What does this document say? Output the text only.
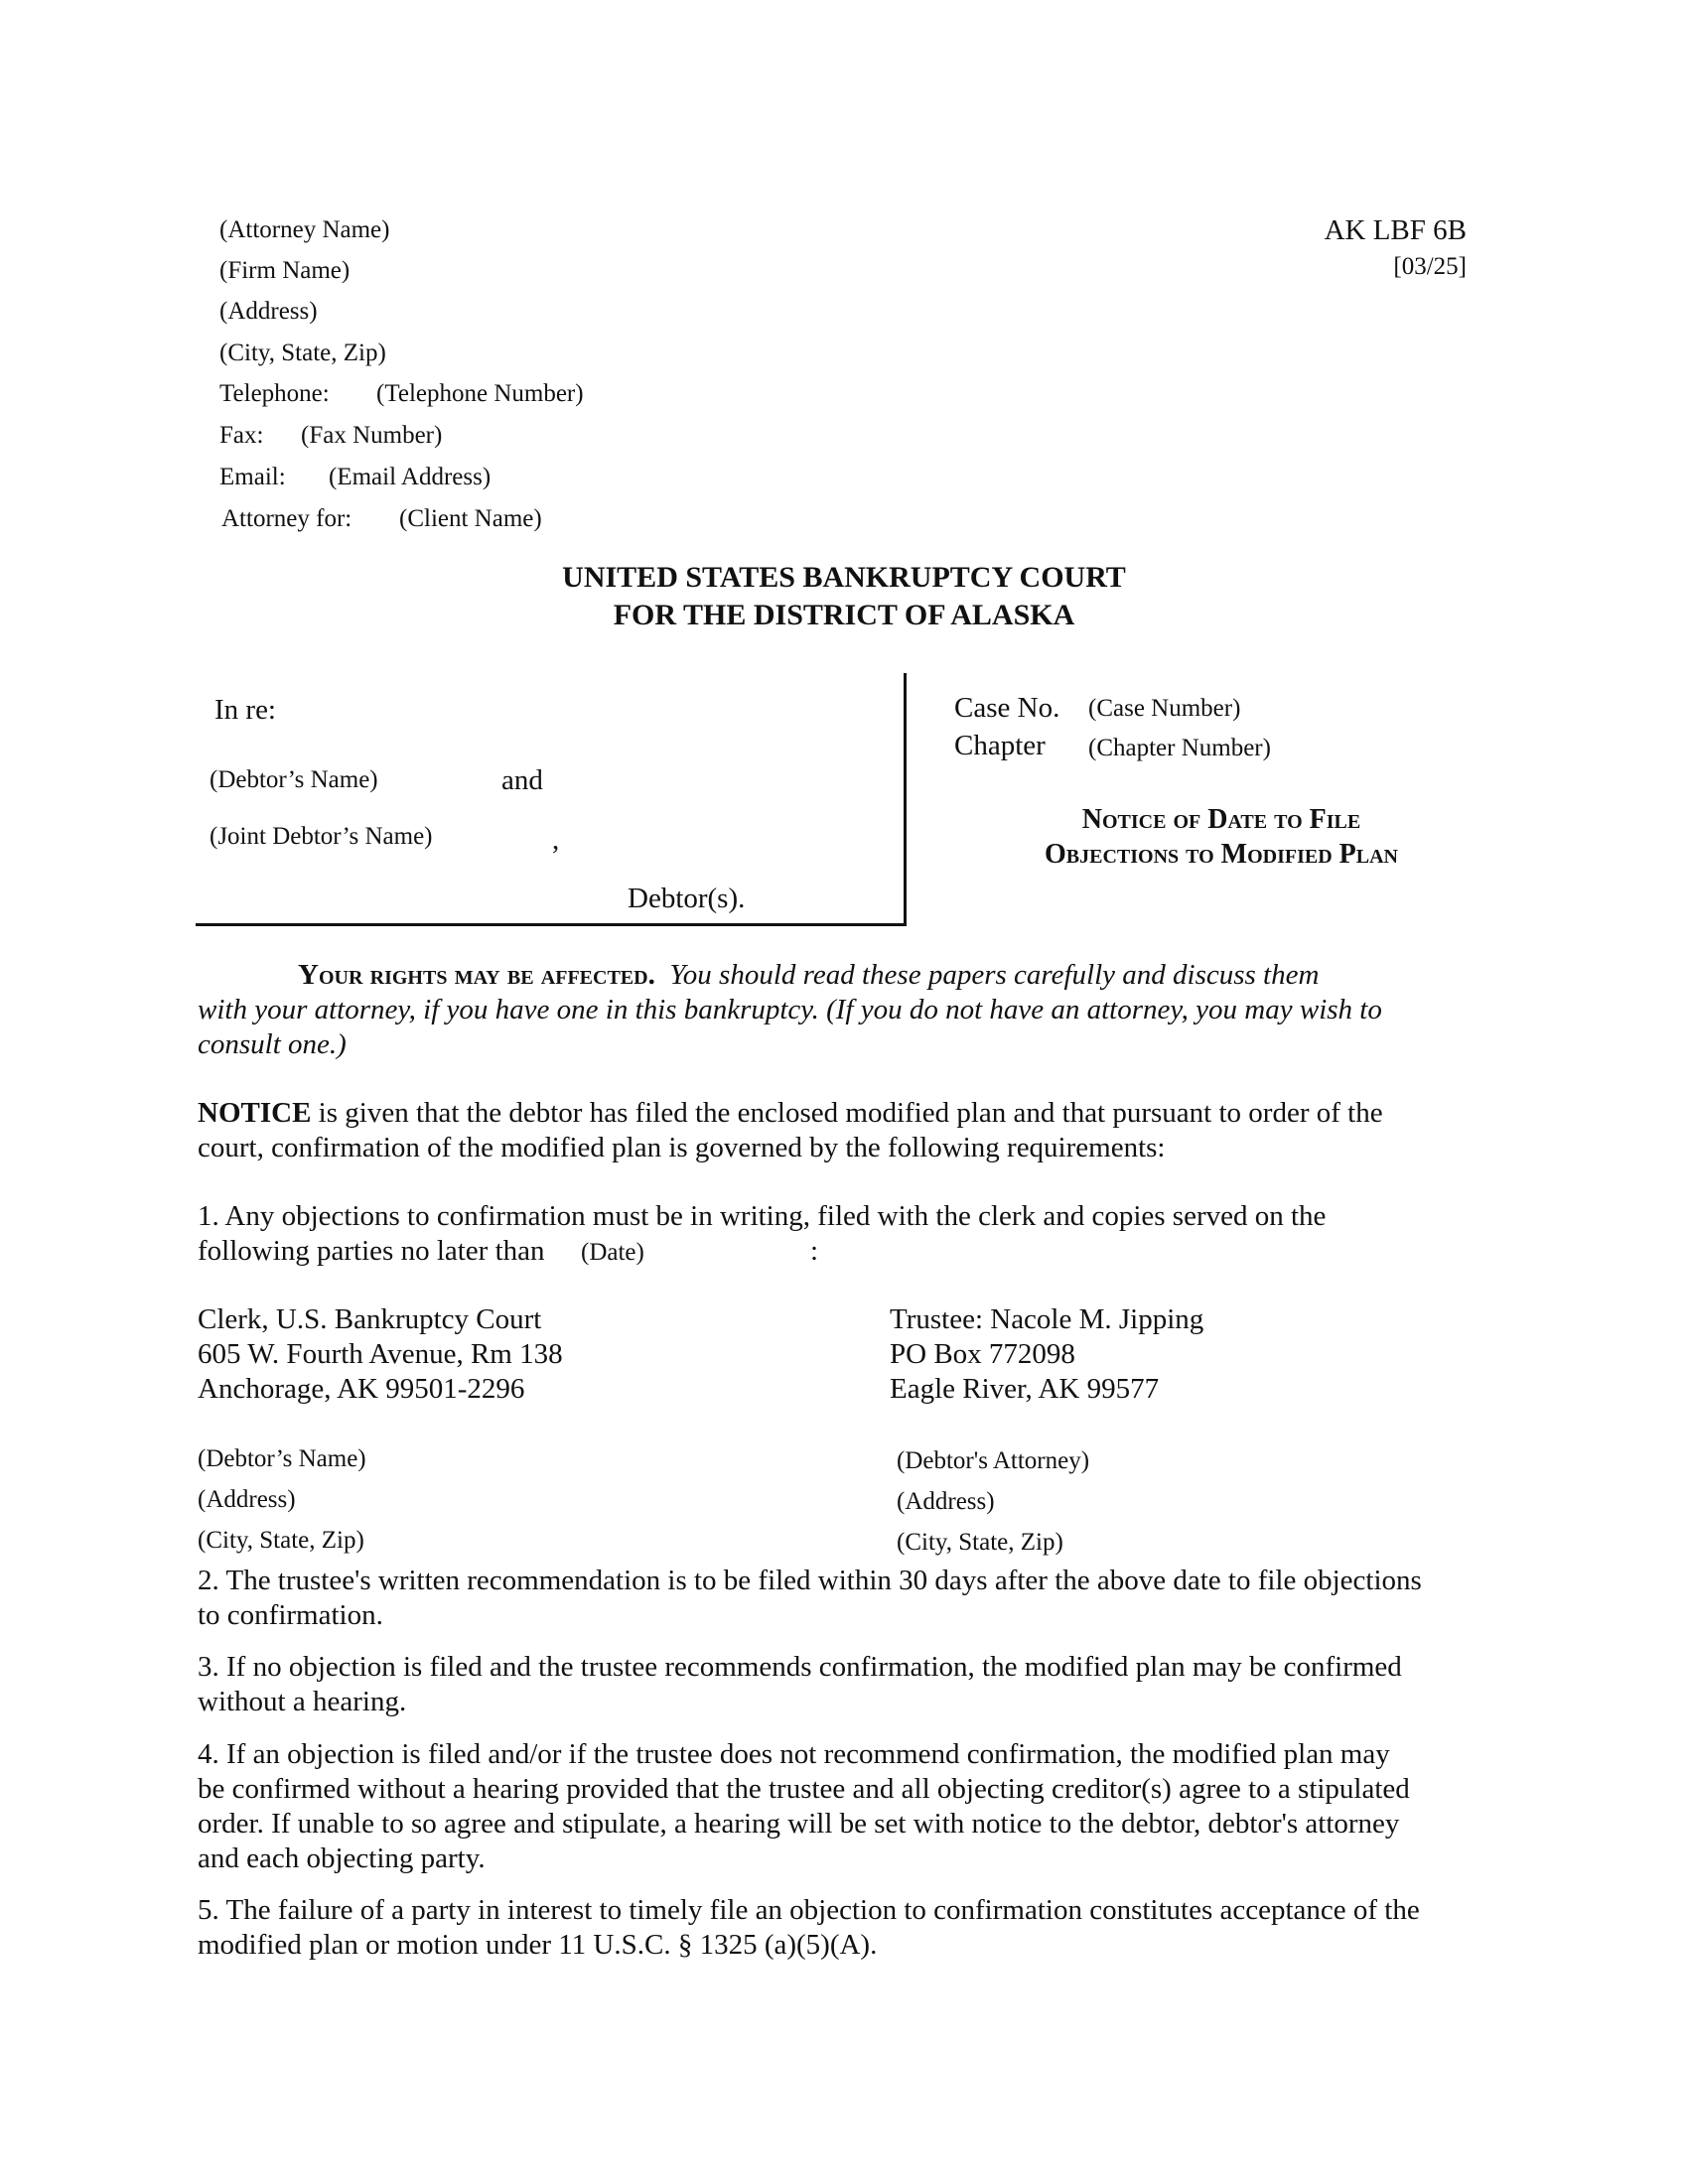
(Attorney Name)
(Firm Name)
(Address)
(City, State, Zip)
Telephone: (Telephone Number)
Fax: (Fax Number)
Email: (Email Address)
Attorney for: (Client Name)
AK LBF 6B
[03/25]
UNITED STATES BANKRUPTCY COURT
FOR THE DISTRICT OF ALASKA
In re:
(Debtor’s Name)	and
(Joint Debtor’s Name)	,
Debtor(s).
Case No. (Case Number)
Chapter (Chapter Number)
Notice of Date to File
Objections to Modified Plan
Your rights may be affected. You should read these papers carefully and discuss them
with your attorney, if you have one in this bankruptcy. (If you do not have an attorney, you may wish to
consult one.)
NOTICE is given that the debtor has filed the enclosed modified plan and that pursuant to order of the
court, confirmation of the modified plan is governed by the following requirements:
1. Any objections to confirmation must be in writing, filed with the clerk and copies served on the
following parties no later than (Date)	:
Clerk, U.S. Bankruptcy Court
605 W. Fourth Avenue, Rm 138
Anchorage, AK 99501-2296
Trustee: Nacole M. Jipping
PO Box 772098
Eagle River, AK 99577
(Debtor’s Name)
(Address)
(City, State, Zip)
(Debtor's Attorney)
(Address)
(City, State, Zip)
2. The trustee's written recommendation is to be filed within 30 days after the above date to file objections
to confirmation.
3. If no objection is filed and the trustee recommends confirmation, the modified plan may be confirmed
without a hearing.
4. If an objection is filed and/or if the trustee does not recommend confirmation, the modified plan may
be confirmed without a hearing provided that the trustee and all objecting creditor(s) agree to a stipulated
order. If unable to so agree and stipulate, a hearing will be set with notice to the debtor, debtor's attorney
and each objecting party.
5. The failure of a party in interest to timely file an objection to confirmation constitutes acceptance of the
modified plan or motion under 11 U.S.C. § 1325 (a)(5)(A).
